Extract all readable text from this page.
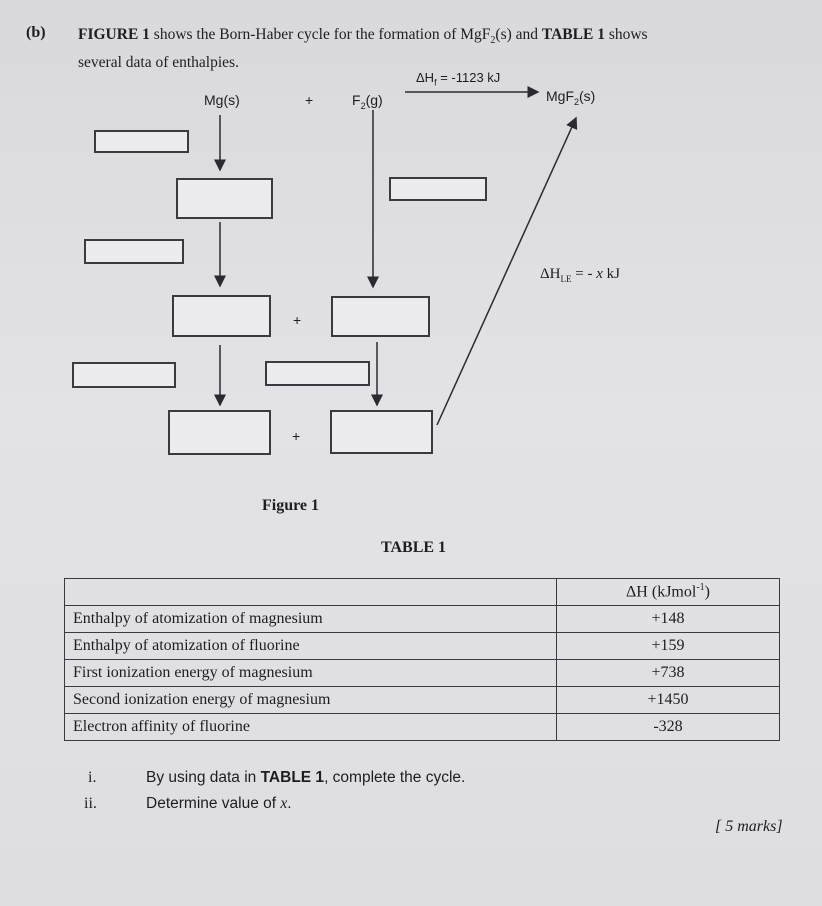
(b) FIGURE 1 shows the Born-Haber cycle for the formation of MgF$_2$(s) and TABLE 1 shows
several data of enthalpies.
Mg(s)	+	$F_2(g)$
$\Delta H_f = -1123$ kJ
MgF$_2$(s)
$\Delta H_{LE}$ = - x kJ
+
+
Figure 1
TABLE 1
	ΔH (kJmol$^{-1}$)
Enthalpy of atomization of magnesium	+148
Enthalpy of atomization of fluorine	+159
First ionization energy of magnesium	+738
Second ionization energy of magnesium	+1450
Electron affinity of fluorine	-328
i.	By using data in TABLE 1, complete the cycle.
ii.	Determine value of x.
[ 5 marks]
